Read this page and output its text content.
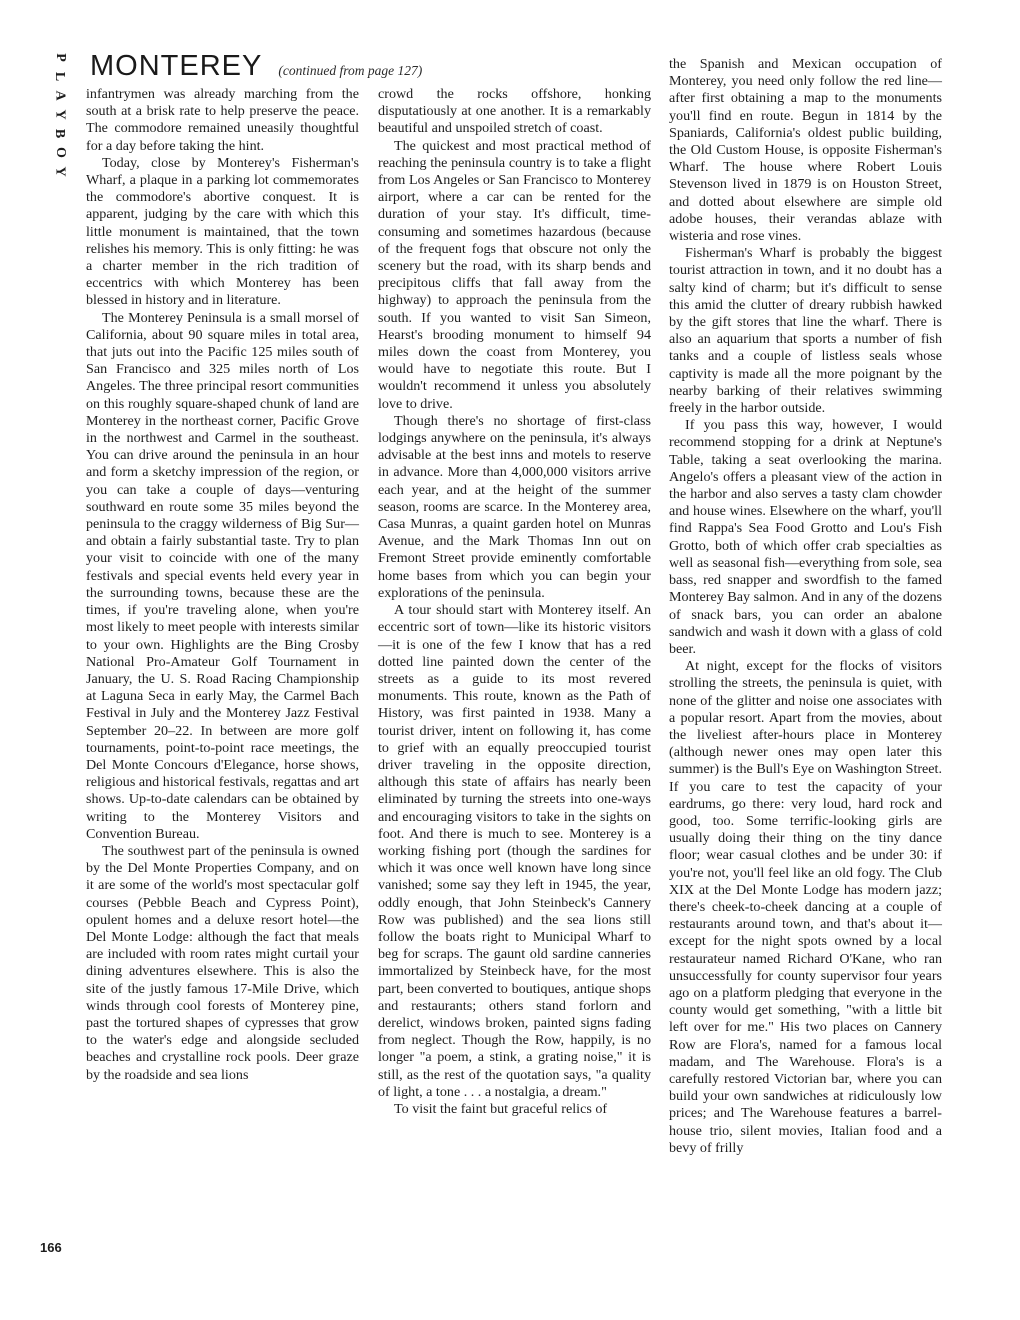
P
L
A
Y
B
O
Y
MONTEREY (continued from page 127)

infantrymen was already marching from the south at a brisk rate to help preserve the peace. The commodore remained uneasily thoughtful for a day before taking the hint.

Today, close by Monterey's Fisherman's Wharf, a plaque in a parking lot commemorates the commodore's abortive conquest. It is apparent, judging by the care with which this little monument is maintained, that the town relishes his memory. This is only fitting: he was a charter member in the rich tradition of eccentrics with which Monterey has been blessed in history and in literature.

The Monterey Peninsula is a small morsel of California, about 90 square miles in total area, that juts out into the Pacific 125 miles south of San Francisco and 325 miles north of Los Angeles. The three principal resort communities on this roughly square-shaped chunk of land are Monterey in the northeast corner, Pacific Grove in the northwest and Carmel in the southeast. You can drive around the peninsula in an hour and form a sketchy impression of the region, or you can take a couple of days—venturing southward en route some 35 miles beyond the peninsula to the craggy wilderness of Big Sur—and obtain a fairly substantial taste. Try to plan your visit to coincide with one of the many festivals and special events held every year in the surrounding towns, because these are the times, if you're traveling alone, when you're most likely to meet people with interests similar to your own. Highlights are the Bing Crosby National Pro-Amateur Golf Tournament in January, the U. S. Road Racing Championship at Laguna Seca in early May, the Carmel Bach Festival in July and the Monterey Jazz Festival September 20–22. In between are more golf tournaments, point-to-point race meetings, the Del Monte Concours d'Elegance, horse shows, religious and historical festivals, regattas and art shows. Up-to-date calendars can be obtained by writing to the Monterey Visitors and Convention Bureau.

The southwest part of the peninsula is owned by the Del Monte Properties Company, and on it are some of the world's most spectacular golf courses (Pebble Beach and Cypress Point), opulent homes and a deluxe resort hotel—the Del Monte Lodge: although the fact that meals are included with room rates might curtail your dining adventures elsewhere. This is also the site of the justly famous 17-Mile Drive, which winds through cool forests of Monterey pine, past the tortured shapes of cypresses that grow to the water's edge and alongside secluded beaches and crystalline rock pools. Deer graze by the roadside and sea lions

crowd the rocks offshore, honking disputatiously at one another. It is a remarkably beautiful and unspoiled stretch of coast.

The quickest and most practical method of reaching the peninsula country is to take a flight from Los Angeles or San Francisco to Monterey airport, where a car can be rented for the duration of your stay. It's difficult, time-consuming and sometimes hazardous (because of the frequent fogs that obscure not only the scenery but the road, with its sharp bends and precipitous cliffs that fall away from the highway) to approach the peninsula from the south. If you wanted to visit San Simeon, Hearst's brooding monument to himself 94 miles down the coast from Monterey, you would have to negotiate this route. But I wouldn't recommend it unless you absolutely love to drive.

Though there's no shortage of first-class lodgings anywhere on the peninsula, it's always advisable at the best inns and motels to reserve in advance. More than 4,000,000 visitors arrive each year, and at the height of the summer season, rooms are scarce. In the Monterey area, Casa Munras, a quaint garden hotel on Munras Avenue, and the Mark Thomas Inn out on Fremont Street provide eminently comfortable home bases from which you can begin your explorations of the peninsula.

A tour should start with Monterey itself. An eccentric sort of town—like its historic visitors—it is one of the few I know that has a red dotted line painted down the center of the streets as a guide to its most revered monuments. This route, known as the Path of History, was first painted in 1938. Many a tourist driver, intent on following it, has come to grief with an equally preoccupied tourist driver traveling in the opposite direction, although this state of affairs has nearly been eliminated by turning the streets into one-ways and encouraging visitors to take in the sights on foot. And there is much to see. Monterey is a working fishing port (though the sardines for which it was once well known have long since vanished; some say they left in 1945, the year, oddly enough, that John Steinbeck's Cannery Row was published) and the sea lions still follow the boats right to Municipal Wharf to beg for scraps. The gaunt old sardine canneries immortalized by Steinbeck have, for the most part, been converted to boutiques, antique shops and restaurants; others stand forlorn and derelict, windows broken, painted signs fading from neglect. Though the Row, happily, is no longer "a poem, a stink, a grating noise," it is still, as the rest of the quotation says, "a quality of light, a tone . . . a nostalgia, a dream."

To visit the faint but graceful relics of

the Spanish and Mexican occupation of Monterey, you need only follow the red line—after first obtaining a map to the monuments you'll find en route. Begun in 1814 by the Spaniards, California's oldest public building, the Old Custom House, is opposite Fisherman's Wharf. The house where Robert Louis Stevenson lived in 1879 is on Houston Street, and dotted about elsewhere are simple old adobe houses, their verandas ablaze with wisteria and rose vines.

Fisherman's Wharf is probably the biggest tourist attraction in town, and it no doubt has a salty kind of charm; but it's difficult to sense this amid the clutter of dreary rubbish hawked by the gift stores that line the wharf. There is also an aquarium that sports a number of fish tanks and a couple of listless seals whose captivity is made all the more poignant by the nearby barking of their relatives swimming freely in the harbor outside.

If you pass this way, however, I would recommend stopping for a drink at Neptune's Table, taking a seat overlooking the marina. Angelo's offers a pleasant view of the action in the harbor and also serves a tasty clam chowder and house wines. Elsewhere on the wharf, you'll find Rappa's Sea Food Grotto and Lou's Fish Grotto, both of which offer crab specialties as well as seasonal fish—everything from sole, sea bass, red snapper and swordfish to the famed Monterey Bay salmon. And in any of the dozens of snack bars, you can order an abalone sandwich and wash it down with a glass of cold beer.

At night, except for the flocks of visitors strolling the streets, the peninsula is quiet, with none of the glitter and noise one associates with a popular resort. Apart from the movies, about the liveliest after-hours place in Monterey (although newer ones may open later this summer) is the Bull's Eye on Washington Street. If you care to test the capacity of your eardrums, go there: very loud, hard rock and good, too. Some terrific-looking girls are usually doing their thing on the tiny dance floor; wear casual clothes and be under 30: if you're not, you'll feel like an old fogy. The Club XIX at the Del Monte Lodge has modern jazz; there's cheek-to-cheek dancing at a couple of restaurants around town, and that's about it—except for the night spots owned by a local restaurateur named Richard O'Kane, who ran unsuccessfully for county supervisor four years ago on a platform pledging that everyone in the county would get something, "with a little bit left over for me." His two places on Cannery Row are Flora's, named for a famous local madam, and The Warehouse. Flora's is a carefully restored Victorian bar, where you can build your own sandwiches at ridiculously low prices; and The Warehouse features a barrel-house trio, silent movies, Italian food and a bevy of frilly

166
